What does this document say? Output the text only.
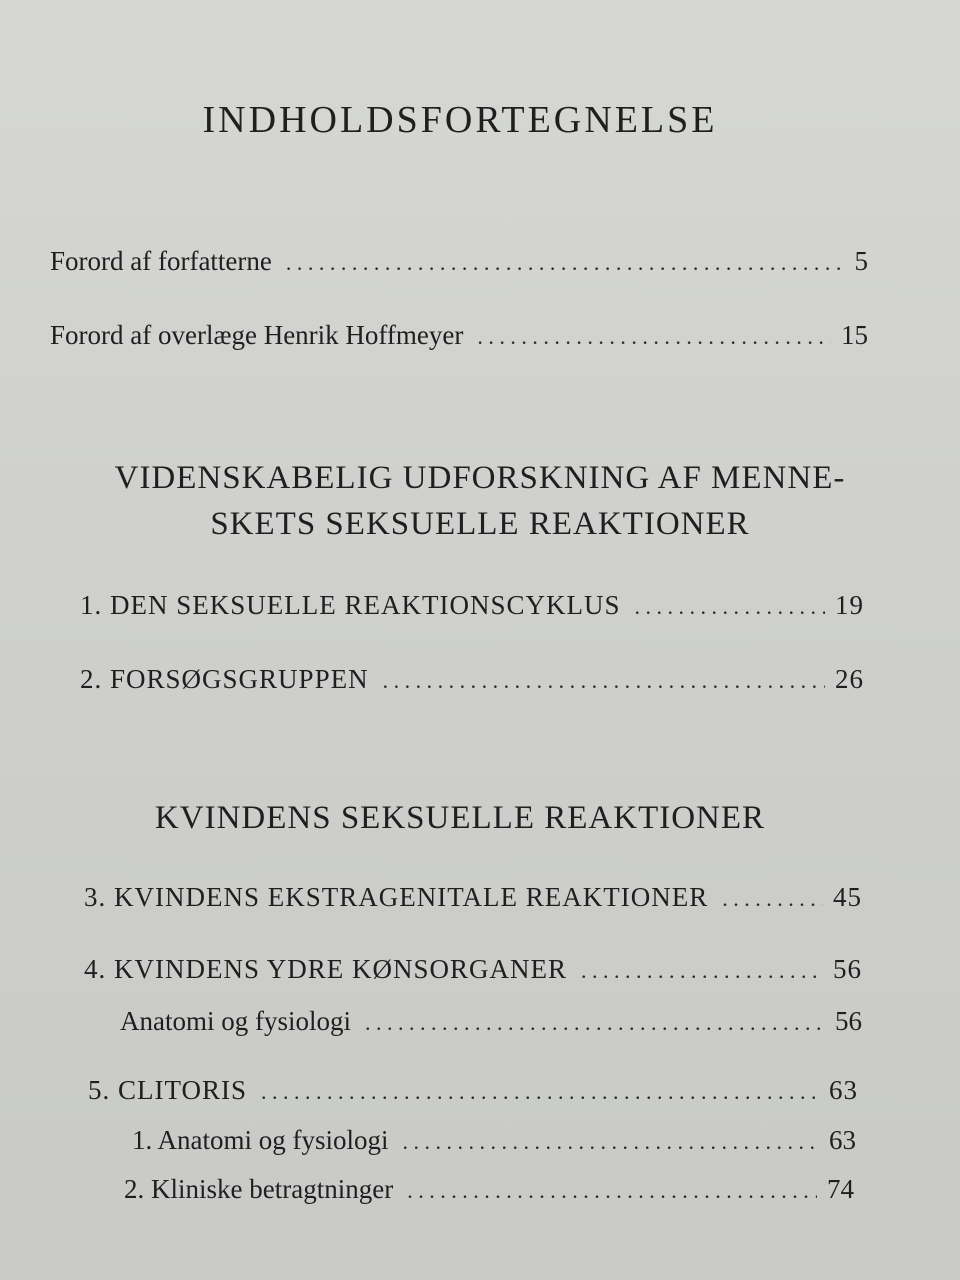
INDHOLDSFORTEGNELSE
Forord af forfatterne . . .	5
Forord af overlæge Henrik Hoffmeyer . . .	15
VIDENSKABELIG UDFORSKNING AF MENNE-
SKETS SEKSUELLE REAKTIONER
1. DEN SEKSUELLE REAKTIONSCYKLUS . . .	19
2. FORSØGSGRUPPEN . . .	26
KVINDENS SEKSUELLE REAKTIONER
3. KVINDENS EKSTRAGENITALE REAKTIONER . . .	45
4. KVINDENS YDRE KØNSORGANER . . .	56
Anatomi og fysiologi . . .	56
5. CLITORIS . . .	63
1. Anatomi og fysiologi . . .	63
2. Kliniske betragtninger . . .	74
